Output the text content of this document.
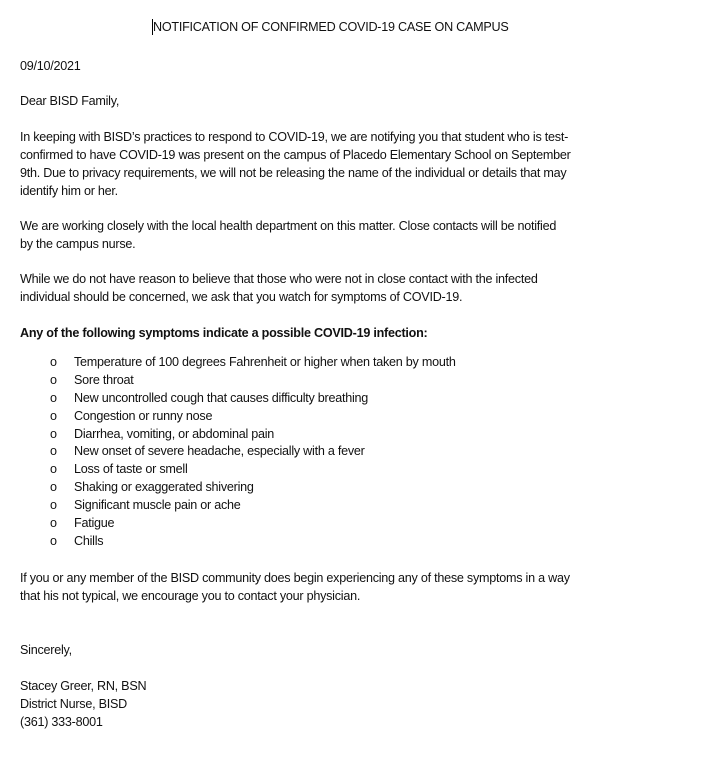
NOTIFICATION OF CONFIRMED COVID-19 CASE ON CAMPUS
09/10/2021
Dear BISD Family,
In keeping with BISD’s practices to respond to COVID-19, we are notifying you that student who is test-
confirmed to have COVID-19 was present on the campus of Placedo Elementary School on September
9th. Due to privacy requirements, we will not be releasing the name of the individual or details that may
identify him or her.
We are working closely with the local health department on this matter. Close contacts will be notified
by the campus nurse.
While we do not have reason to believe that those who were not in close contact with the infected
individual should be concerned, we ask that you watch for symptoms of COVID-19.
Any of the following symptoms indicate a possible COVID-19 infection:
o Temperature of 100 degrees Fahrenheit or higher when taken by mouth
o Sore throat
o New uncontrolled cough that causes difficulty breathing
o Congestion or runny nose
o Diarrhea, vomiting, or abdominal pain
o New onset of severe headache, especially with a fever
o Loss of taste or smell
o Shaking or exaggerated shivering
o Significant muscle pain or ache
o Fatigue
o Chills
If you or any member of the BISD community does begin experiencing any of these symptoms in a way
that his not typical, we encourage you to contact your physician.
Sincerely,
Stacey Greer, RN, BSN
District Nurse, BISD
(361) 333-8001
